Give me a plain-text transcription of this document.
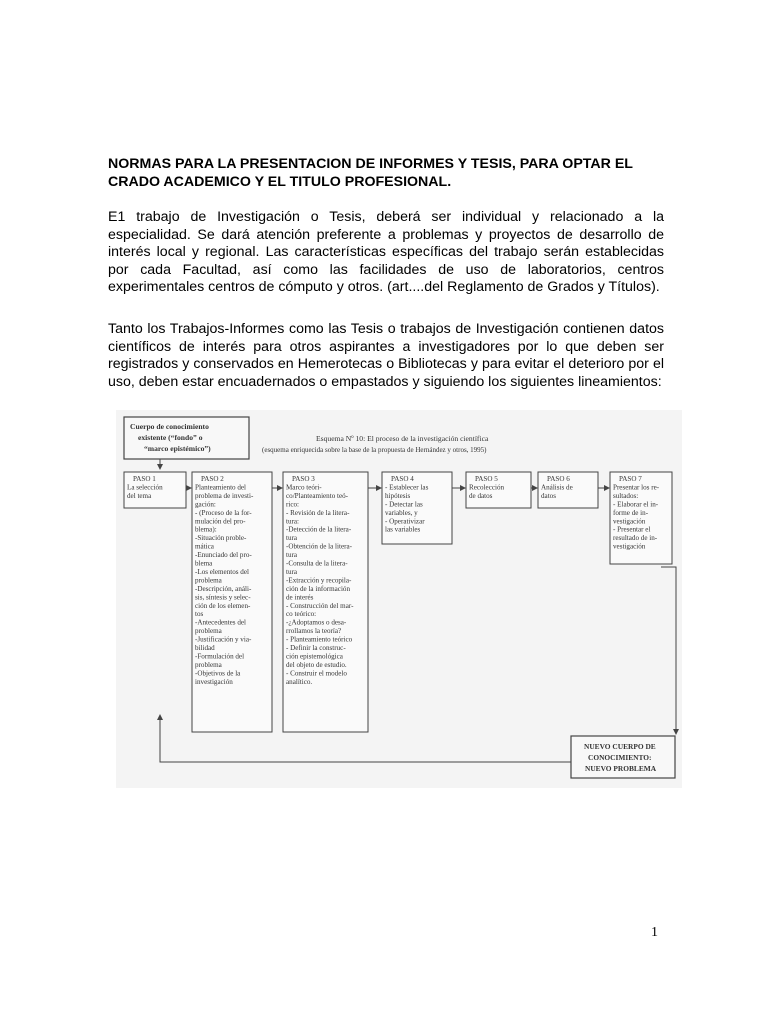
NORMAS PARA LA PRESENTACION DE INFORMES Y TESIS, PARA OPTAR EL CRADO ACADEMICO Y EL TITULO PROFESIONAL.
E1 trabajo de Investigación o Tesis, deberá ser individual y relacionado a la especialidad. Se dará atención preferente a problemas y proyectos de desarrollo de interés local y regional. Las características específicas del trabajo serán establecidas por cada Facultad, así como las facilidades de uso de laboratorios, centros experimentales centros de cómputo y otros. (art....del Reglamento de Grados y Títulos).
Tanto los Trabajos-Informes como las Tesis o trabajos de Investigación contienen datos científicos de interés para otros aspirantes a investigadores por lo que deben ser registrados y conservados en Hemerotecas o Bibliotecas y para evitar el deterioro por el uso, deben estar encuadernados o empastados y siguiendo los siguientes lineamientos:
Cuerpo de conocimiento
existente (“fondo” o
“marco epistémico”)
Esquema Nº 10: El proceso de la investigación científica
(esquema enriquecida sobre la base de la propuesta de Hernández y otros, 1995)
PASO 1
La selección
del tema
PASO 2
Planteamiento del
problema de investi-
gación:
- (Proceso de la for-
mulación del pro-
blema):
-Situación proble-
mática
-Enunciado del pro-
blema
-Los elementos del
problema
-Descripción, análi-
sis, síntesis y selec-
ción de los elemen-
tos
-Antecedentes del
problema
-Justificación y via-
bilidad
-Formulación del
problema
-Objetivos de la
investigación
PASO 3
Marco teóri-
co/Planteamiento teó-
rico:
- Revisión de la litera-
tura:
-Detección de la litera-
tura
-Obtención de la litera-
tura
-Consulta de la litera-
tura
-Extracción y recopila-
ción de la información
de interés
- Construcción del mar-
co teórico:
-¿Adoptamos o desa-
rrollamos la teoría?
- Planteamiento teórico
- Definir la construc-
ción epistemológica
del objeto de estudio.
- Construir el modelo
analítico.
PASO 4
- Establecer las
hipótesis
- Detectar las
variables, y
- Operativizar
las variables
PASO 5
Recolección
de datos
PASO 6
Análisis de
datos
PASO 7
Presentar los re-
sultados:
- Elaborar el in-
forme de in-
vestigación
- Presentar el
resultado de in-
vestigación
NUEVO CUERPO DE
CONOCIMIENTO:
NUEVO PROBLEMA
1
